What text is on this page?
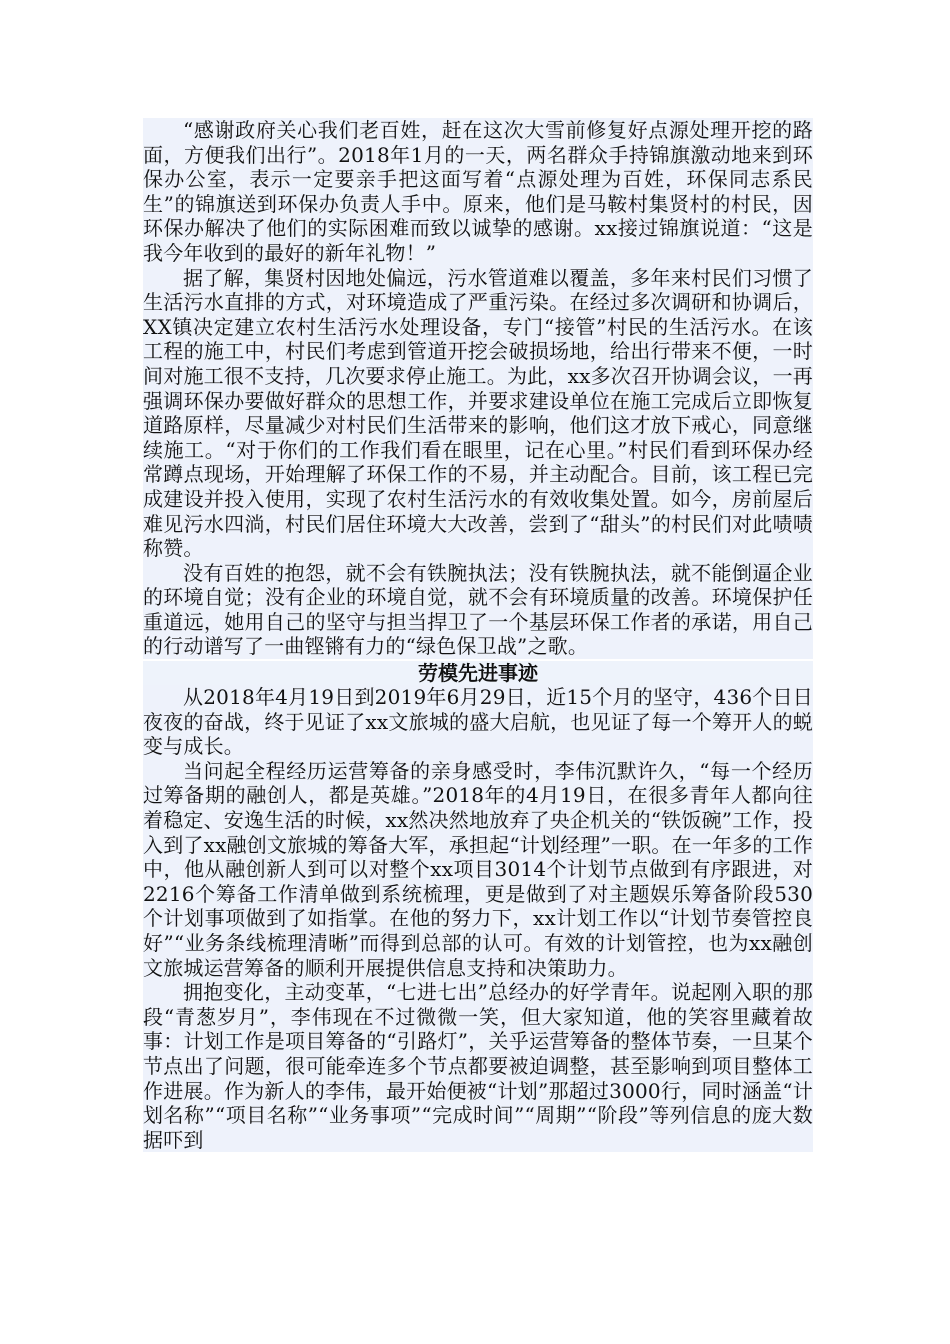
“感谢政府关心我们老百姓，赶在这次大雪前修复好点源处理开挖的路面，方便我们出行”。2018年1月的一天，两名群众手持锦旗激动地来到环保办公室，表示一定要亲手把这面写着“点源处理为百姓，环保同志系民生”的锦旗送到环保办负责人手中。原来，他们是马鞍村集贤村的村民，因环保办解决了他们的实际困难而致以诚挚的感谢。xx接过锦旗说道：“这是我今年收到的最好的新年礼物！”

据了解，集贤村因地处偏远，污水管道难以覆盖，多年来村民们习惯了生活污水直排的方式，对环境造成了严重污染。在经过多次调研和协调后，XX镇决定建立农村生活污水处理设备，专门“接管”村民的生活污水。在该工程的施工中，村民们考虑到管道开挖会破损场地，给出行带来不便，一时间对施工很不支持，几次要求停止施工。为此，xx多次召开协调会议，一再强调环保办要做好群众的思想工作，并要求建设单位在施工完成后立即恢复道路原样，尽量减少对村民们生活带来的影响，他们这才放下戒心，同意继续施工。“对于你们的工作我们看在眼里，记在心里。”村民们看到环保办经常蹲点现场，开始理解了环保工作的不易，并主动配合。目前，该工程已完成建设并投入使用，实现了农村生活污水的有效收集处置。如今，房前屋后难见污水四淌，村民们居住环境大大改善，尝到了“甜头”的村民们对此啧啧称赞。

没有百姓的抱怨，就不会有铁腕执法；没有铁腕执法，就不能倒逼企业的环境自觉；没有企业的环境自觉，就不会有环境质量的改善。环境保护任重道远，她用自己的坚守与担当捍卫了一个基层环保工作者的承诺，用自己的行动谱写了一曲铿锵有力的“绿色保卫战”之歌。

劳模先进事迹

从2018年4月19日到2019年6月29日，近15个月的坚守，436个日日夜夜的奋战，终于见证了xx文旅城的盛大启航，也见证了每一个筹开人的蜕变与成长。

当问起全程经历运营筹备的亲身感受时，李伟沉默许久，“每一个经历过筹备期的融创人，都是英雄。”2018年的4月19日，在很多青年人都向往着稳定、安逸生活的时候，xx然决然地放弃了央企机关的“铁饭碗”工作，投入到了xx融创文旅城的筹备大军，承担起“计划经理”一职。在一年多的工作中，他从融创新人到可以对整个xx项目3014个计划节点做到有序跟进，对2216个筹备工作清单做到系统梳理，更是做到了对主题娱乐筹备阶段530个计划事项做到了如指掌。在他的努力下，xx计划工作以“计划节奏管控良好”“业务条线梳理清晰”而得到总部的认可。有效的计划管控，也为xx融创文旅城运营筹备的顺利开展提供信息支持和决策助力。

拥抱变化，主动变革，“七进七出”总经办的好学青年。说起刚入职的那段“青葱岁月”，李伟现在不过微微一笑，但大家知道，他的笑容里藏着故事：计划工作是项目筹备的“引路灯”，关乎运营筹备的整体节奏，一旦某个节点出了问题，很可能牵连多个节点都要被迫调整，甚至影响到项目整体工作进展。作为新人的李伟，最开始便被“计划”那超过3000行，同时涵盖“计划名称”“项目名称”“业务事项”“完成时间”“周期”“阶段”等列信息的庞大数据吓到
